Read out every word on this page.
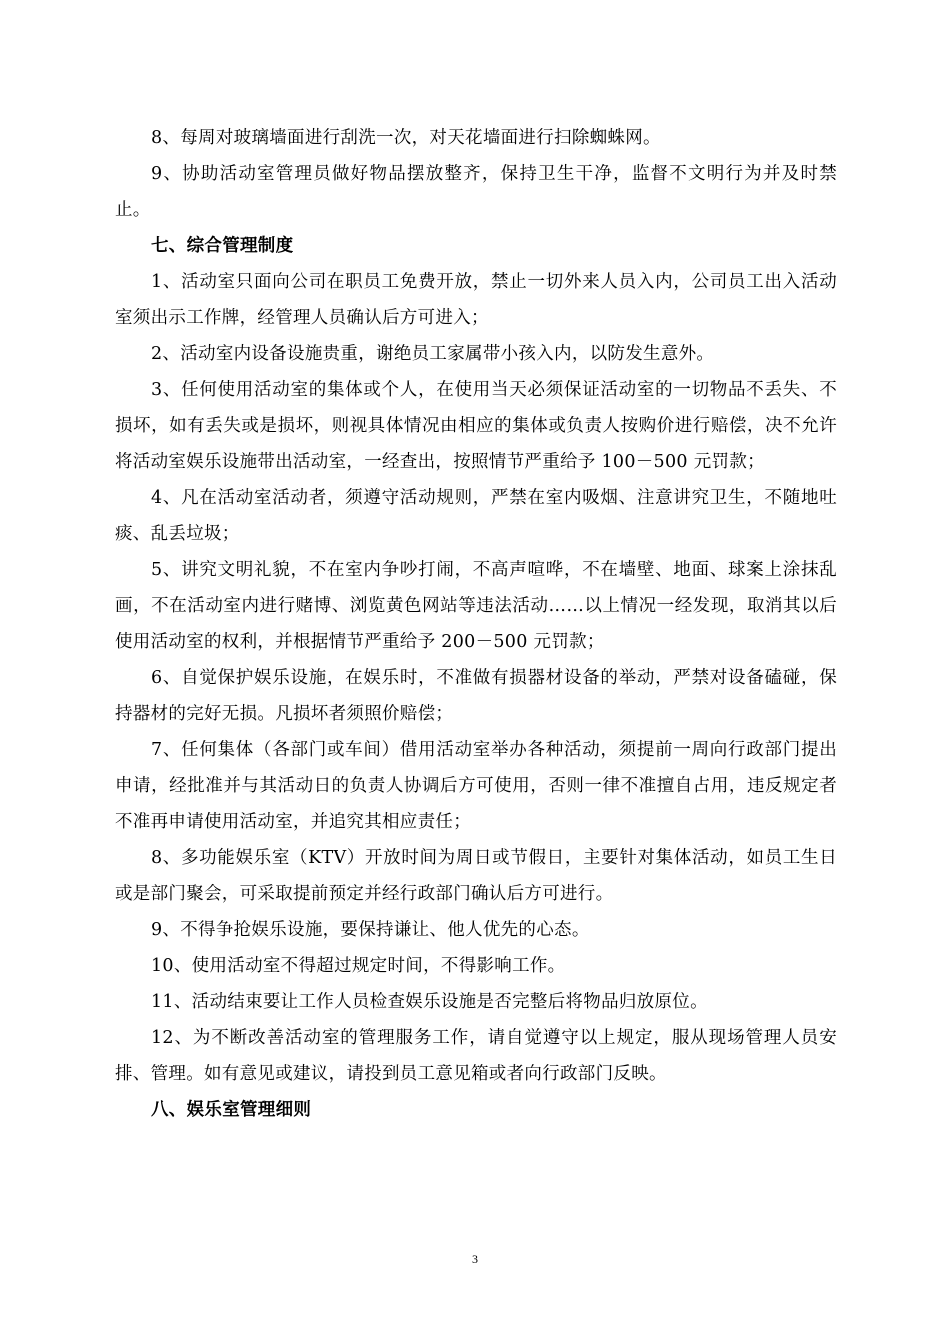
8、每周对玻璃墙面进行刮洗一次，对天花墙面进行扫除蜘蛛网。

9、协助活动室管理员做好物品摆放整齐，保持卫生干净，监督不文明行为并及时禁止。

七、综合管理制度

1、活动室只面向公司在职员工免费开放，禁止一切外来人员入内，公司员工出入活动室须出示工作牌，经管理人员确认后方可进入；

2、活动室内设备设施贵重，谢绝员工家属带小孩入内，以防发生意外。

3、任何使用活动室的集体或个人，在使用当天必须保证活动室的一切物品不丢失、不损坏，如有丢失或是损坏，则视具体情况由相应的集体或负责人按购价进行赔偿，决不允许将活动室娱乐设施带出活动室，一经查出，按照情节严重给予 100－500 元罚款；

4、凡在活动室活动者，须遵守活动规则，严禁在室内吸烟、注意讲究卫生，不随地吐痰、乱丢垃圾；

5、讲究文明礼貌，不在室内争吵打闹，不高声喧哗，不在墙壁、地面、球案上涂抹乱画，不在活动室内进行赌博、浏览黄色网站等违法活动……以上情况一经发现，取消其以后使用活动室的权利，并根据情节严重给予 200－500 元罚款；

6、自觉保护娱乐设施，在娱乐时，不准做有损器材设备的举动，严禁对设备磕碰，保持器材的完好无损。凡损坏者须照价赔偿；

7、任何集体（各部门或车间）借用活动室举办各种活动，须提前一周向行政部门提出申请，经批准并与其活动日的负责人协调后方可使用，否则一律不准擅自占用，违反规定者不准再申请使用活动室，并追究其相应责任；

8、多功能娱乐室（KTV）开放时间为周日或节假日，主要针对集体活动，如员工生日或是部门聚会，可采取提前预定并经行政部门确认后方可进行。

9、不得争抢娱乐设施，要保持谦让、他人优先的心态。

10、使用活动室不得超过规定时间，不得影响工作。

11、活动结束要让工作人员检查娱乐设施是否完整后将物品归放原位。

12、为不断改善活动室的管理服务工作，请自觉遵守以上规定，服从现场管理人员安排、管理。如有意见或建议，请投到员工意见箱或者向行政部门反映。

八、娱乐室管理细则

3
